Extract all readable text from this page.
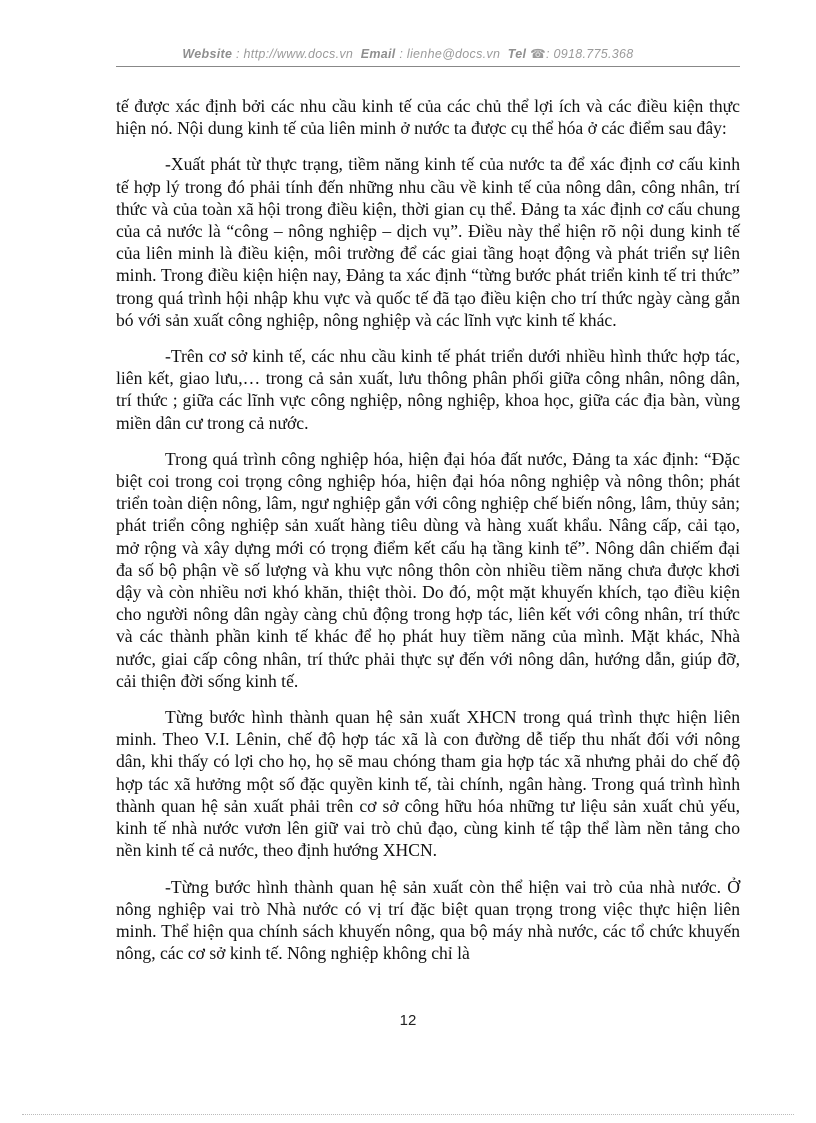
Website : http://www.docs.vn Email : lienhe@docs.vn Tel ☎: 0918.775.368

tế được xác định bởi các nhu cầu kinh tế của các chủ thể lợi ích và các điều kiện thực hiện nó. Nội dung kinh tế của liên minh ở nước ta được cụ thể hóa ở các điểm sau đây:

-Xuất phát từ thực trạng, tiềm năng kinh tế của nước ta để xác định cơ cấu kinh tế hợp lý trong đó phải tính đến những nhu cầu về kinh tế của nông dân, công nhân, trí thức và của toàn xã hội trong điều kiện, thời gian cụ thể. Đảng ta xác định cơ cấu chung của cả nước là “công – nông nghiệp – dịch vụ”. Điều này thể hiện rõ nội dung kinh tế của liên minh là điều kiện, môi trường để các giai tầng hoạt động và phát triển sự liên minh. Trong điều kiện hiện nay, Đảng ta xác định “từng bước phát triển kinh tế tri thức” trong quá trình hội nhập khu vực và quốc tế đã tạo điều kiện cho trí thức ngày càng gắn bó với sản xuất công nghiệp, nông nghiệp và các lĩnh vực kinh tế khác.

-Trên cơ sở kinh tế, các nhu cầu kinh tế phát triển dưới nhiều hình thức hợp tác, liên kết, giao lưu,… trong cả sản xuất, lưu thông phân phối giữa công nhân, nông dân, trí thức ; giữa các lĩnh vực công nghiệp, nông nghiệp, khoa học, giữa các địa bàn, vùng miền dân cư trong cả nước.

Trong quá trình công nghiệp hóa, hiện đại hóa đất nước, Đảng ta xác định: “Đặc biệt coi trong coi trọng công nghiệp hóa, hiện đại hóa nông nghiệp và nông thôn; phát triển toàn diện nông, lâm, ngư nghiệp gắn với công nghiệp chế biến nông, lâm, thủy sản; phát triển công nghiệp sản xuất hàng tiêu dùng và hàng xuất khẩu. Nâng cấp, cải tạo, mở rộng và xây dựng mới có trọng điểm kết cấu hạ tầng kinh tế”. Nông dân chiếm đại đa số bộ phận về số lượng và khu vực nông thôn còn nhiều tiềm năng chưa được khơi dậy và còn nhiều nơi khó khăn, thiệt thòi. Do đó, một mặt khuyến khích, tạo điều kiện cho người nông dân ngày càng chủ động trong hợp tác, liên kết với công nhân, trí thức và các thành phần kinh tế khác để họ phát huy tiềm năng của mình. Mặt khác, Nhà nước, giai cấp công nhân, trí thức phải thực sự đến với nông dân, hướng dẫn, giúp đỡ, cải thiện đời sống kinh tế.

Từng bước hình thành quan hệ sản xuất XHCN trong quá trình thực hiện liên minh. Theo V.I. Lênin, chế độ hợp tác xã là con đường dễ tiếp thu nhất đối với nông dân, khi thấy có lợi cho họ, họ sẽ mau chóng tham gia hợp tác xã nhưng phải do chế độ hợp tác xã hưởng một số đặc quyền kinh tế, tài chính, ngân hàng. Trong quá trình hình thành quan hệ sản xuất phải trên cơ sở công hữu hóa những tư liệu sản xuất chủ yếu, kinh tế nhà nước vươn lên giữ vai trò chủ đạo, cùng kinh tế tập thể làm nền tảng cho nền kinh tế cả nước, theo định hướng XHCN.

-Từng bước hình thành quan hệ sản xuất còn thể hiện vai trò của nhà nước. Ở nông nghiệp vai trò Nhà nước có vị trí đặc biệt quan trọng trong việc thực hiện liên minh. Thể hiện qua chính sách khuyến nông, qua bộ máy nhà nước, các tổ chức khuyến nông, các cơ sở kinh tế. Nông nghiệp không chỉ là

12
